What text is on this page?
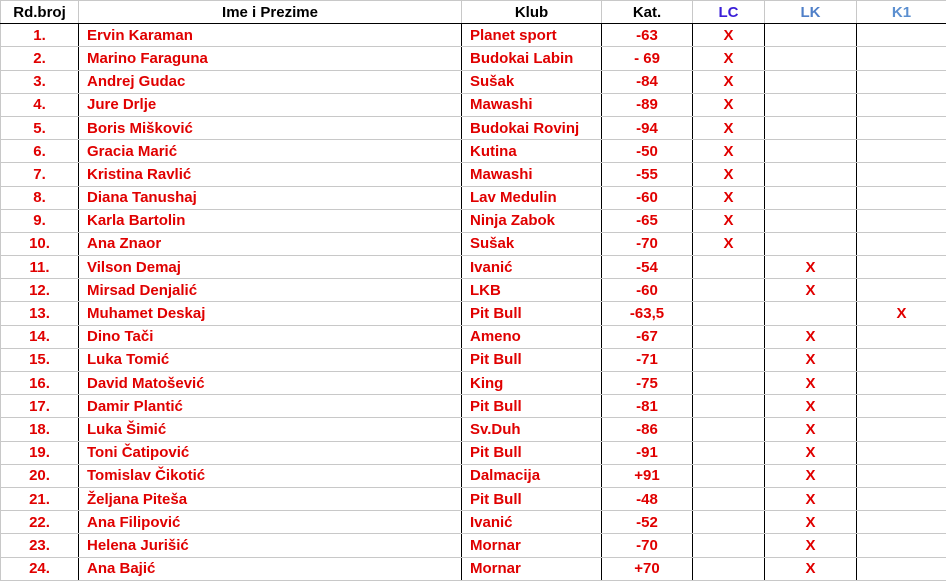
Rd.broj	Ime i Prezime	Klub	Kat.	LC	LK	K1
1.	Ervin Karaman	Planet sport	-63	X		
2.	Marino Faraguna	Budokai Labin	- 69	X		
3.	Andrej Gudac	Sušak	-84	X		
4.	Jure Drlje	Mawashi	-89	X		
5.	Boris Mišković	Budokai Rovinj	-94	X		
6.	Gracia Marić	Kutina	-50	X		
7.	Kristina Ravlić	Mawashi	-55	X		
8.	Diana Tanushaj	Lav Medulin	-60	X		
9.	Karla Bartolin	Ninja Zabok	-65	X		
10.	Ana Znaor	Sušak	-70	X		
11.	Vilson Demaj	Ivanić	-54		X	
12.	Mirsad Denjalić	LKB	-60		X	
13.	Muhamet Deskaj	Pit Bull	-63,5			X
14.	Dino Tači	Ameno	-67		X	
15.	Luka Tomić	Pit Bull	-71		X	
16.	David Matošević	King	-75		X	
17.	Damir Plantić	Pit Bull	-81		X	
18.	Luka Šimić	Sv.Duh	-86		X	
19.	Toni Čatipović	Pit Bull	-91		X	
20.	Tomislav Čikotić	Dalmacija	+91		X	
21.	Željana Piteša	Pit Bull	-48		X	
22.	Ana Filipović	Ivanić	-52		X	
23.	Helena Jurišić	Mornar	-70		X	
24.	Ana Bajić	Mornar	+70		X	
